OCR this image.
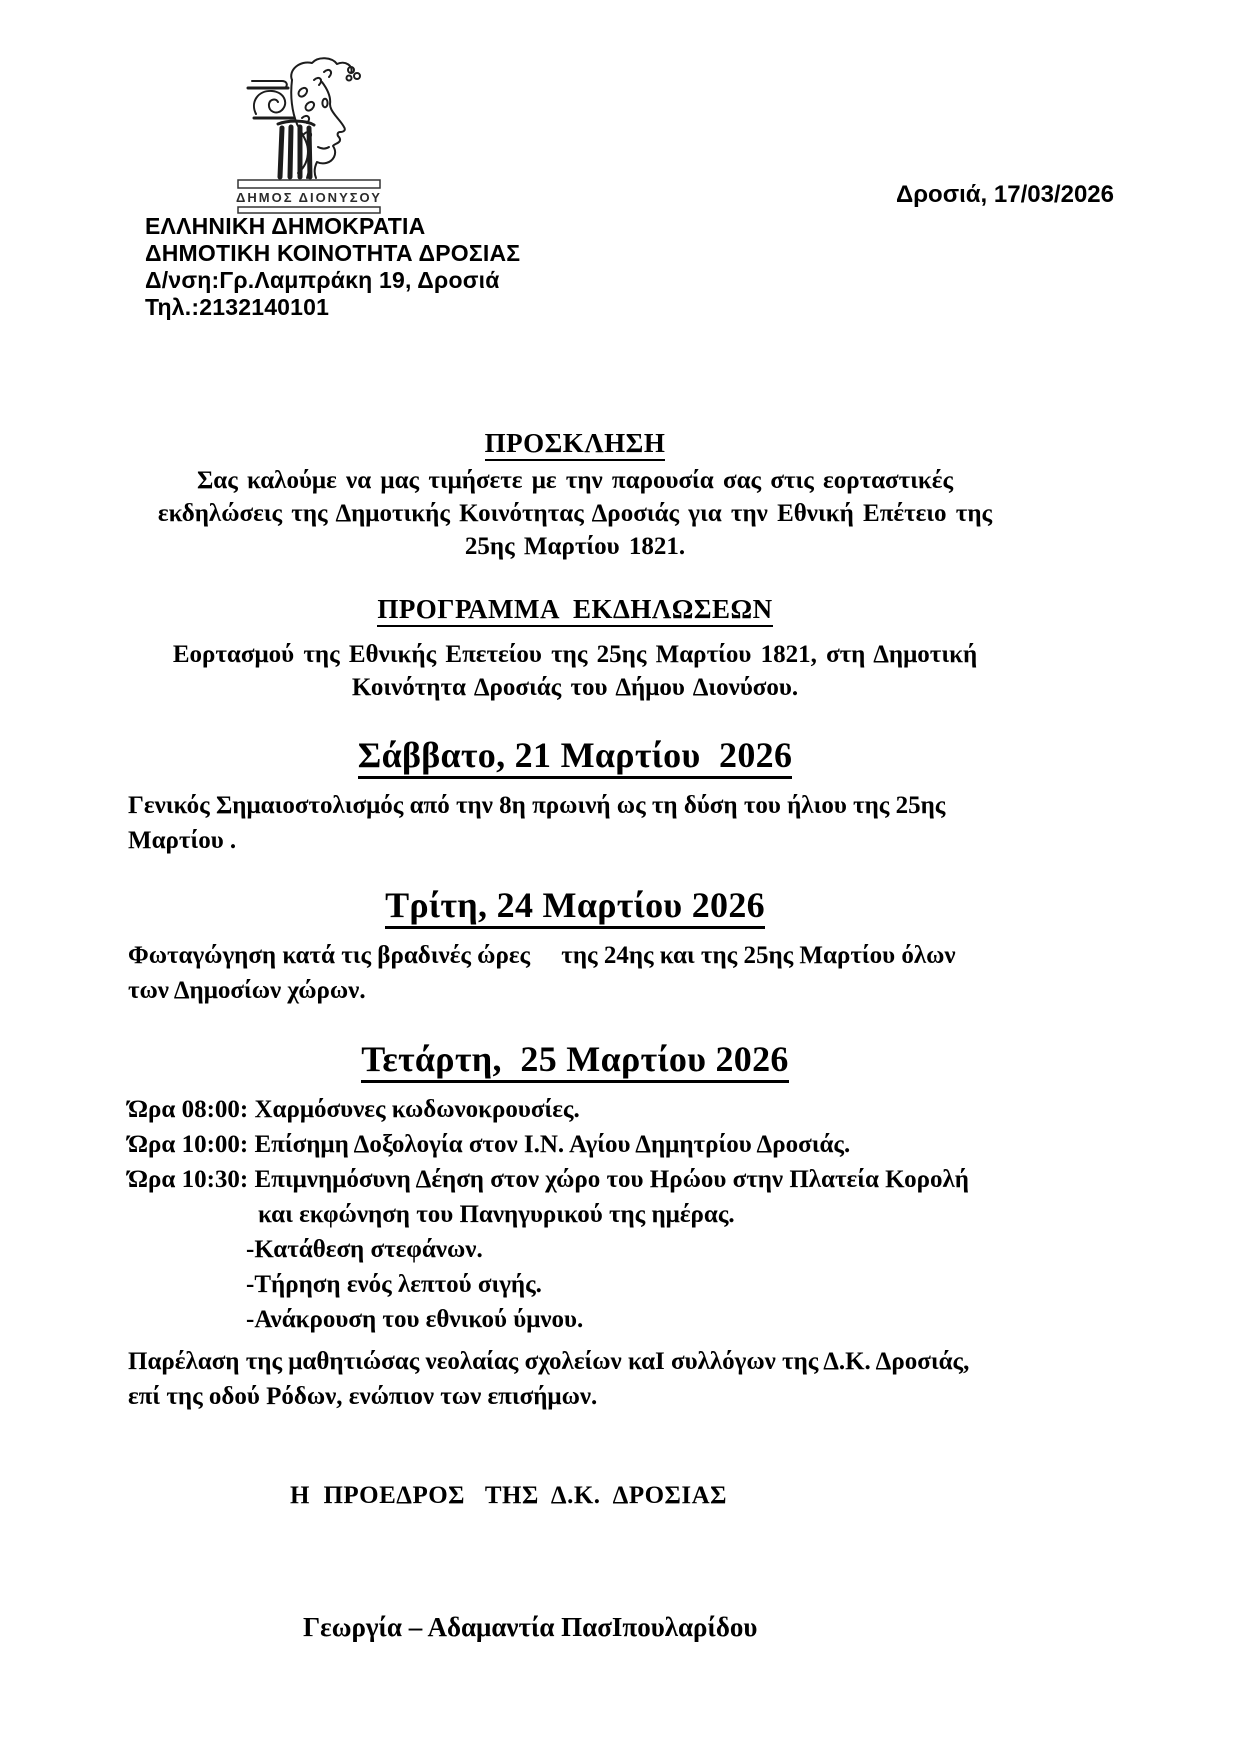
ΔΗΜΟΣ ΔΙΟΝΥΣΟΥ	Δροσιά, 17/03/2026
ΕΛΛΗΝΙΚΗ ΔΗΜΟΚΡΑΤΙΑ
ΔΗΜΟΤΙΚΗ ΚΟΙΝΟΤΗΤΑ ΔΡΟΣΙΑΣ
Δ/νση:Γρ.Λαμπράκη 19, Δροσιά
Τηλ.:2132140101
ΠΡΟΣΚΛΗΣΗ
Σας καλούμε να μας τιμήσετε με την παρουσία σας στις εορταστικές
εκδηλώσεις της Δημοτικής Κοινότητας Δροσιάς για την Εθνική Επέτειο της
25ης Μαρτίου 1821.
ΠΡΟΓΡΑΜΜΑ  ΕΚΔΗΛΩΣΕΩΝ
Εορτασμού της Εθνικής Επετείου της 25ης Μαρτίου 1821, στη Δημοτική
Κοινότητα Δροσιάς του Δήμου Διονύσου.
Σάββατο, 21 Μαρτίου  2026
Γενικός Σημαιοστολισμός από την 8η πρωινή ως τη δύση του ήλιου της 25ης
Μαρτίου .
Τρίτη, 24 Μαρτίου 2026
Φωταγώγηση κατά τις βραδινές ώρες     της 24ης και της 25ης Μαρτίου όλων
των Δημοσίων χώρων.
Τετάρτη,  25 Μαρτίου 2026
Ώρα 08:00: Χαρμόσυνες κωδωνοκρουσίες.
Ώρα 10:00: Επίσημη Δοξολογία στον Ι.Ν. Αγίου Δημητρίου Δροσιάς.
Ώρα 10:30: Επιμνημόσυνη Δέηση στον χώρο του Ηρώου στην Πλατεία Κορολή
και εκφώνηση του Πανηγυρικού της ημέρας.
-Κατάθεση στεφάνων.
-Τήρηση ενός λεπτού σιγής.
-Ανάκρουση του εθνικού ύμνου.
Παρέλαση της μαθητιώσας νεολαίας σχολείων καI συλλόγων της Δ.Κ. Δροσιάς,
επί της οδού Ρόδων, ενώπιον των επισήμων.
Η  ΠΡΟΕΔΡΟΣ   ΤΗΣ  Δ.Κ.  ΔΡΟΣΙΑΣ
Γεωργία – Αδαμαντία ΠασIπουλαρίδου
